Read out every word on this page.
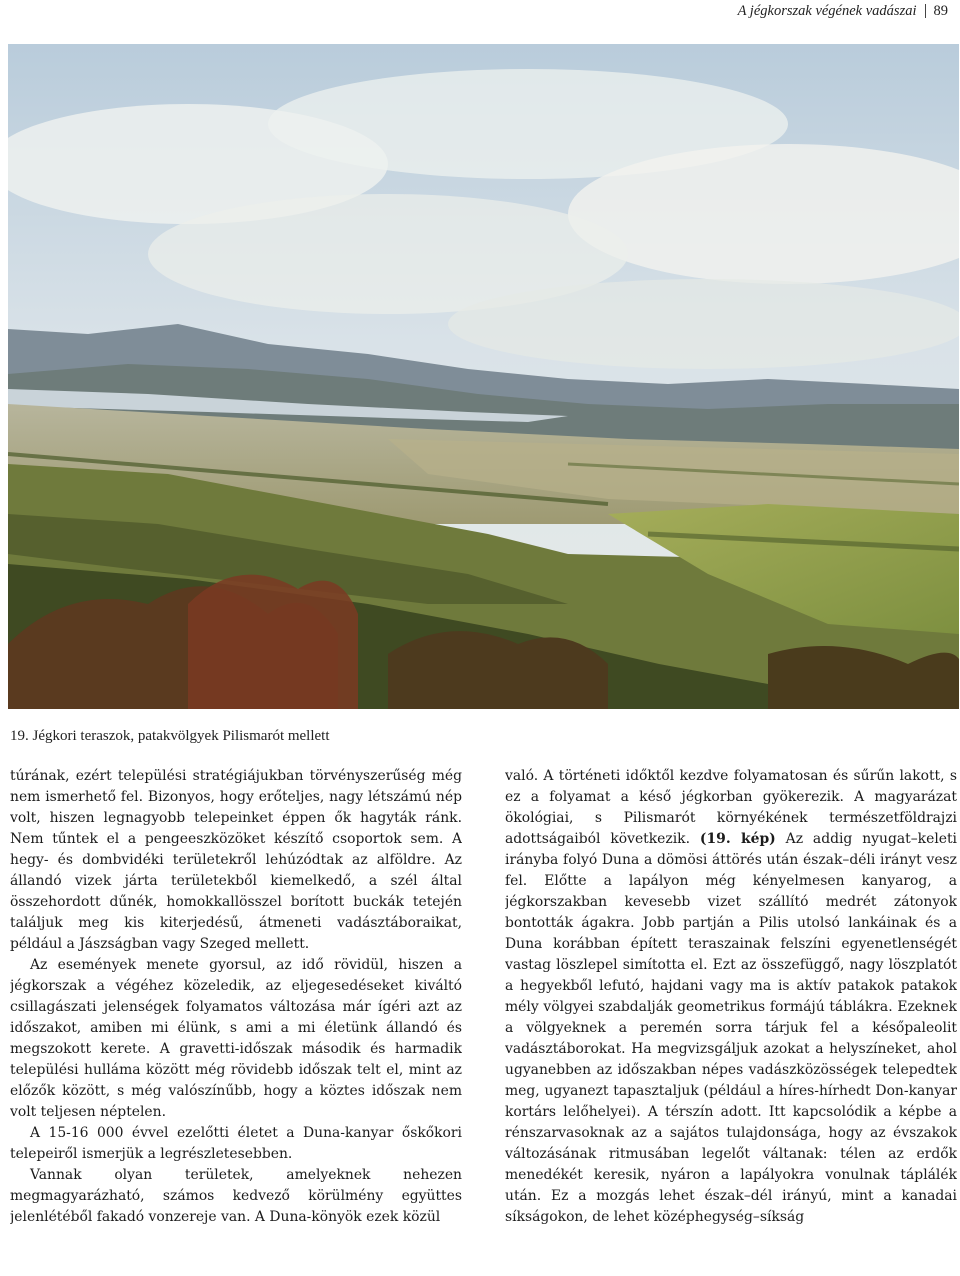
A jégkorszak végének vadászai 89
19. Jégkori teraszok, patakvölgyek Pilismarót mellett

túrának, ezért települési stratégiájukban törvényszerűség még nem ismerhető fel. Bizonyos, hogy erőteljes, nagy létszámú nép volt, hiszen legnagyobb telepeinket éppen ők hagyták ránk. Nem tűntek el a pengeeszközöket készítő csoportok sem. A hegy- és dombvidéki területekről lehúzódtak az alföldre. Az állandó vizek járta területekből kiemelkedő, a szél által összehordott dűnék, homokkallösszel borított buckák tetején találjuk meg kis kiterjedésű, átmeneti vadásztáboraikat, például a Jászságban vagy Szeged mellett.

Az események menete gyorsul, az idő rövidül, hiszen a jégkorszak a végéhez közeledik, az eljegesedéseket kiváltó csillagászati jelenségek folyamatos változása már ígéri azt az időszakot, amiben mi élünk, s ami a mi életünk állandó és megszokott kerete. A gravetti-időszak második és harmadik települési hulláma között még rövidebb időszak telt el, mint az előzők között, s még valószínűbb, hogy a köztes időszak nem volt teljesen néptelen.

A 15-16 000 évvel ezelőtti életet a Duna-kanyar őskőkori telepeiről ismerjük a legrészletesebben.

Vannak olyan területek, amelyeknek nehezen megmagyarázható, számos kedvező körülmény együttes jelenlétéből fakadó vonzereje van. A Duna-könyök ezek közül

való. A történeti időktől kezdve folyamatosan és sűrűn lakott, s ez a folyamat a késő jégkorban gyökerezik. A magyarázat ökológiai, s Pilismarót környékének természetföldrajzi adottságaiból következik. (19. kép) Az addig nyugat–keleti irányba folyó Duna a dömösi áttörés után észak–déli irányt vesz fel. Előtte a lapályon még kényelmesen kanyarog, a jégkorszakban kevesebb vizet szállító medrét zátonyok bontották ágakra. Jobb partján a Pilis utolsó lankáinak és a Duna korábban épített teraszainak felszíni egyenetlenségét vastag löszlepel simította el. Ezt az összefüggő, nagy löszplatót a hegyekből lefutó, hajdani vagy ma is aktív patakok patakok mély völgyei szabdalják geometrikus formájú táblákra. Ezeknek a völgyeknek a peremén sorra tárjuk fel a későpaleolit vadásztáborokat. Ha megvizsgáljuk azokat a helyszíneket, ahol ugyanebben az időszakban népes vadászközösségek telepedtek meg, ugyanezt tapasztaljuk (például a híres-hírhedt Don-kanyar kortárs lelőhelyei). A térszín adott. Itt kapcsolódik a képbe a rénszarvasoknak az a sajátos tulajdonsága, hogy az évszakok változásának ritmusában legelőt váltanak: télen az erdők menedékét keresik, nyáron a lapályokra vonulnak táplálék után. Ez a mozgás lehet észak–dél irányú, mint a kanadai síkságokon, de lehet középhegység–síkság
